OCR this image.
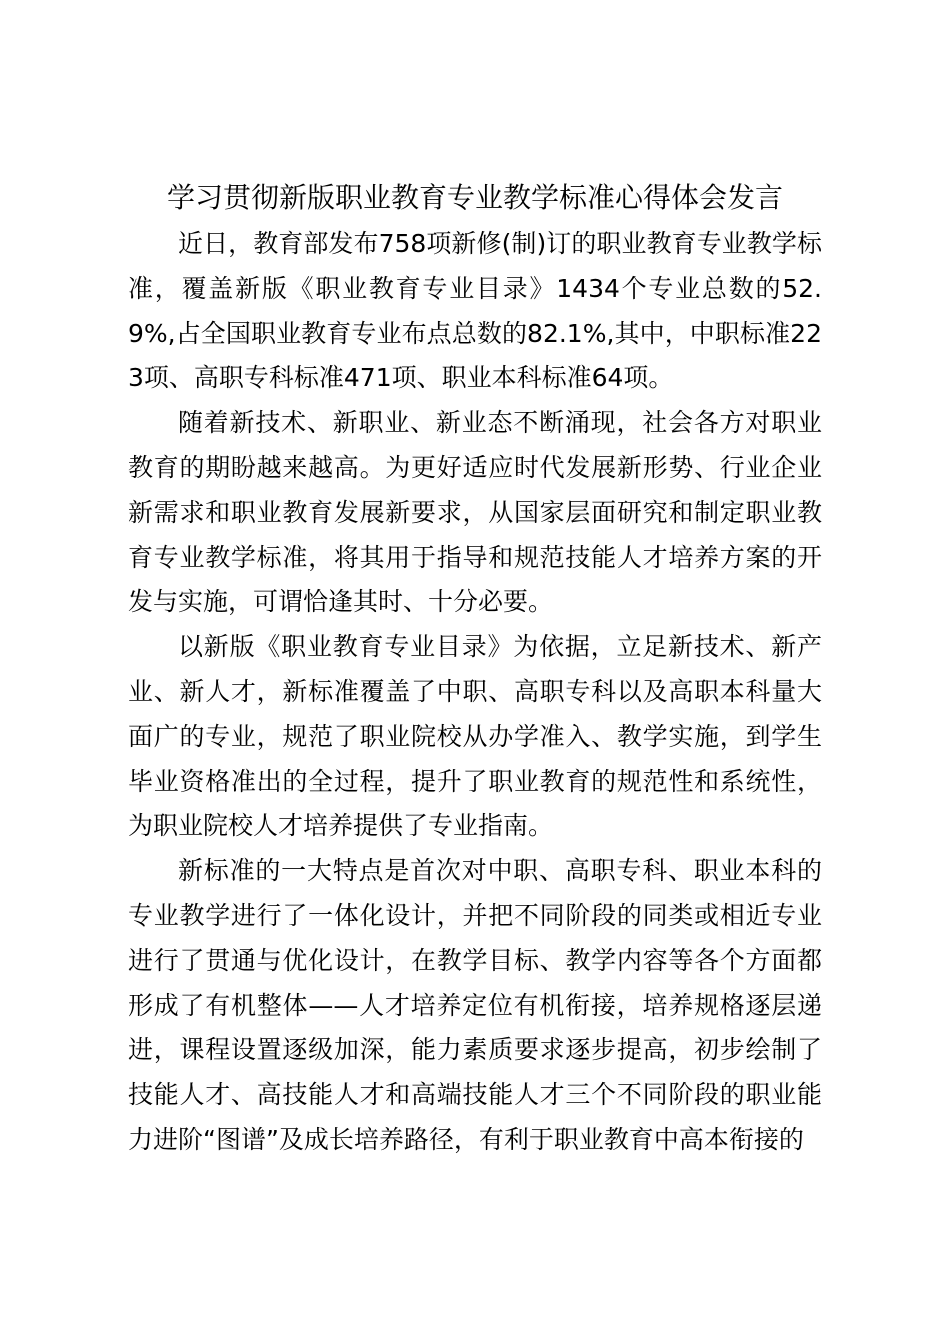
学习贯彻新版职业教育专业教学标准心得体会发言

近日，教育部发布758项新修(制)订的职业教育专业教学标准，覆盖新版《职业教育专业目录》1434个专业总数的52.9%,占全国职业教育专业布点总数的82.1%,其中，中职标准223项、高职专科标准471项、职业本科标准64项。

随着新技术、新职业、新业态不断涌现，社会各方对职业教育的期盼越来越高。为更好适应时代发展新形势、行业企业新需求和职业教育发展新要求，从国家层面研究和制定职业教育专业教学标准，将其用于指导和规范技能人才培养方案的开发与实施，可谓恰逢其时、十分必要。

以新版《职业教育专业目录》为依据，立足新技术、新产业、新人才，新标准覆盖了中职、高职专科以及高职本科量大面广的专业，规范了职业院校从办学准入、教学实施，到学生毕业资格准出的全过程，提升了职业教育的规范性和系统性，为职业院校人才培养提供了专业指南。

新标准的一大特点是首次对中职、高职专科、职业本科的专业教学进行了一体化设计，并把不同阶段的同类或相近专业进行了贯通与优化设计，在教学目标、教学内容等各个方面都形成了有机整体——人才培养定位有机衔接，培养规格逐层递进，课程设置逐级加深，能力素质要求逐步提高，初步绘制了技能人才、高技能人才和高端技能人才三个不同阶段的职业能力进阶“图谱”及成长培养路径，有利于职业教育中高本衔接的
